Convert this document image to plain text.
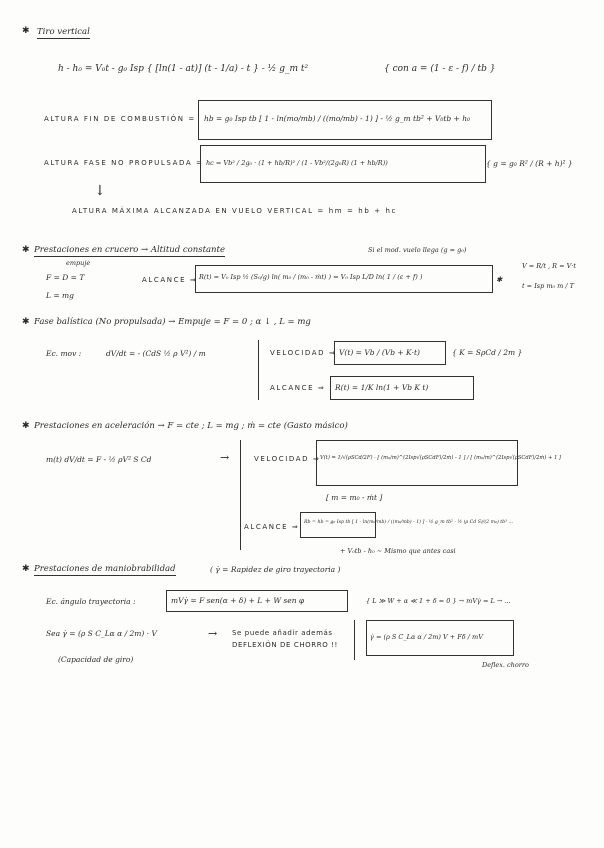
✱ Tiro vertical
h - h₀ = V₀t - g₀ Isp { [ln(1 - at)] (t - 1/a) - t } - ½ g_m t²	{ con a = (1 - ε - f) / tb }
ALTURA FIN DE COMBUSTIÓN = hb = g₀ Isp tb [ 1 - ln(mo/mb) / ((mo/mb) - 1) ] - ½ g_m tb² + V₀tb + h₀
ALTURA FASE NO PROPULSADA = hc = Vb² / 2g₀ · (1 + hb/R)² / (1 - Vb²/(2g₀R) (1 + hb/R))	{ g = g₀ R² / (R + h)² }
↓
ALTURA MÁXIMA ALCANZADA EN VUELO VERTICAL = hm = hb + hc
✱ Prestaciones en crucero → Altitud constante	Si el mod. vuelo llega (g ≈ g₀)
empuje
F = D = T
L = mg
ALCANCE ⇒ R(t) = V₀ Isp ½ (S₀/g) ln( m₀ / (m₀ - ṁt) ) = V₀ Isp L/D ln( 1 / (ε + f) )	✱
V = R/t , R = V·t
t = Isp m₀ m / T
✱ Fase balística (No propulsada) → Empuje = F = 0 ; α ↓ , L = mg
Ec. mov :	dV/dt = - (CdS ½ ρ V²) / m	VELOCIDAD ⇒ V(t) = Vb / (Vb + K·t)	{ K = SρCd / 2m }
ALCANCE ⇒ R(t) = 1/K ln(1 + Vb K t)
✱ Prestaciones en aceleración → F = cte ; L = mg ; ṁ = cte (Gasto másico)
m(t) dV/dt = F - ½ ρV² S Cd	→	VELOCIDAD ⇒ V(t) = 1/√(ρSCd/2F) · [ (m₀/m)^(2Isp√(ρSCdF)/2ṁ) - 1 ] / [ (m₀/m)^(2Isp√(ρSCdF)/2ṁ) + 1 ]
[ m = m₀ - ṁt ]
ALCANCE ⇒
Rb = hb = g₀ Isp tb [ 1 - ln(m₀/mb) / ((m₀/mb) - 1) ] - ½ g_m tb² - ½ (ρ Cd S)/(2 m₀) tb³ ...
+ V₀tb - h₀ ∼ Mismo que antes casi
✱ Prestaciones de maniobrabilidad	( γ̇ = Rapidez de giro trayectoria )
Ec. ángulo trayectoria :	mVγ̇ = F sen(α + δ) + L + W sen φ	{ L ≫ W + α ≪ 1 + δ = 0 } → mVγ̇ = L → ...
Sea γ̇ = (ρ S C_Lα α / 2m) · V
(Capacidad de giro)
→ Se puede añadir además
DEFLEXIÓN DE CHORRO !!
γ̇ = (ρ S C_Lα α / 2m) V + Fδ / mV
Deflex. chorro
